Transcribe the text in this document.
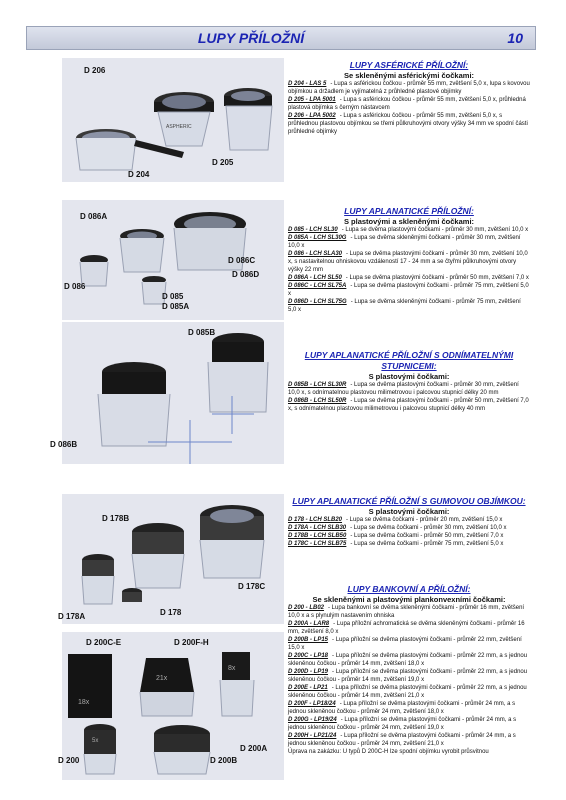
LUPY PŘÍLOŽNÍ	10
ASPHERIC
D 206
D 204
D 205
D 086A
D 086C
D 086D
D 086
D 085
D 085A
D 085B
D 086B
D 178B
D 178C
D 178A	D 178
18x
21x
8x
5x
D 200C-E	D 200F-H
D 200A
D 200	D 200B
LUPY ASFÉRICKÉ PŘÍLOŽNÍ:
Se skleněnými asférickými čočkami:
D 204 - LAS 5 - Lupa s asférickou čočkou - průměr 55 mm, zvětšení 5,0 x, lupa s kovovou objímkou a držadlem je vyjímatelná z průhledné plastové objímky
D 205 - LPA 5001 - Lupa s asférickou čočkou - průměr 55 mm, zvětšení 5,0 x, průhledná plastová objímka s černým nástavcem
D 206 - LPA 5002 - Lupa s asférickou čočkou - průměr 55 mm, zvětšení 5,0 x, s průhlednou plastovou objímkou se třemi půlkruhovými otvory výšky 34 mm ve spodní části průhledné objímky
LUPY APLANATICKÉ PŘÍLOŽNÍ:
S plastovými a skleněnými čočkami:
D 085 - LCH SL30 - Lupa se dvěma plastovými čočkami - průměr 30 mm, zvětšení 10,0 x
D 085A - LCH SL30G - Lupa se dvěma skleněnými čočkami - průměr 30 mm, zvětšení 10,0 x
D 086 - LCH SLA30 - Lupa se dvěma plastovými čočkami - průměr 30 mm, zvětšení 10,0 x, s nastavitelnou ohniskovou vzdáleností 17 - 24 mm a se čtyřmi půlkruhovými otvory výšky 22 mm
D 086A - LCH SL50 - Lupa se dvěma plastovými čočkami - průměr 50 mm, zvětšení 7,0 x
D 086C - LCH SL75A - Lupa se dvěma plastovými čočkami - průměr 75 mm, zvětšení 5,0 x
D 086D - LCH SL75G - Lupa se dvěma skleněnými čočkami - průměr 75 mm, zvětšení 5,0 x
LUPY APLANATICKÉ PŘÍLOŽNÍ S ODNÍMATELNÝMI STUPNICEMI:
S plastovými čočkami:
D 085B - LCH SL30R - Lupa se dvěma plastovými čočkami - průměr 30 mm, zvětšení 10,0 x, s odnímatelnou plastovou milimetrovou i palcovou stupnicí délky 20 mm
D 086B - LCH SL50R - Lupa se dvěma plastovými čočkami - průměr 50 mm, zvětšení 7,0 x, s odnímatelnou plastovou milimetrovou i palcovou stupnicí délky 40 mm
LUPY APLANATICKÉ PŘÍLOŽNÍ S GUMOVOU OBJÍMKOU:
S plastovými čočkami:
D 178 - LCH SLB20 - Lupa se dvěma čočkami - průměr 20 mm, zvětšení 15,0 x
D 178A - LCH SLB30 - Lupa se dvěma čočkami - průměr 30 mm, zvětšení 10,0 x
D 178B - LCH SLB50 - Lupa se dvěma čočkami - průměr 50 mm, zvětšení 7,0 x
D 178C - LCH SLB75 - Lupa se dvěma čočkami - průměr 75 mm, zvětšení 5,0 x
LUPY BANKOVNÍ A PŘÍLOŽNÍ:
Se skleněnými a plastovými plankonvexními čočkami:
D 200 - LB02 - Lupa bankovní se dvěma skleněnými čočkami - průměr 16 mm, zvětšení 10,0 x a s plynulým nastavením ohniska
D 200A - LAR8 - Lupa příložní achromatická se dvěma skleněnými čočkami - průměr 16 mm, zvětšení 8,0 x
D 200B - LP15 - Lupa příložní se dvěma plastovými čočkami - průměr 22 mm, zvětšení 15,0 x
D 200C - LP18 - Lupa příložní se dvěma plastovými čočkami - průměr 22 mm, a s jednou skleněnou čočkou - průměr 14 mm, zvětšení 18,0 x
D 200D - LP19 - Lupa příložní se dvěma plastovými čočkami - průměr 22 mm, a s jednou skleněnou čočkou - průměr 14 mm, zvětšení 19,0 x
D 200E - LP21 - Lupa příložní se dvěma plastovými čočkami - průměr 22 mm, a s jednou skleněnou čočkou - průměr 14 mm, zvětšení 21,0 x
D 200F - LP18/24 - Lupa příložní se dvěma plastovými čočkami - průměr 24 mm, a s jednou skleněnou čočkou - průměr 24 mm, zvětšení 18,0 x
D 200G - LP19/24 - Lupa příložní se dvěma plastovými čočkami - průměr 24 mm, a s jednou skleněnou čočkou - průměr 24 mm, zvětšení 19,0 x
D 200H - LP21/24 - Lupa příložní se dvěma plastovými čočkami - průměr 24 mm, a s jednou skleněnou čočkou - průměr 24 mm, zvětšení 21,0 x
Úprava na zakázku: U typů D 200C-H lze spodní objímku vyrobit průsvitnou
